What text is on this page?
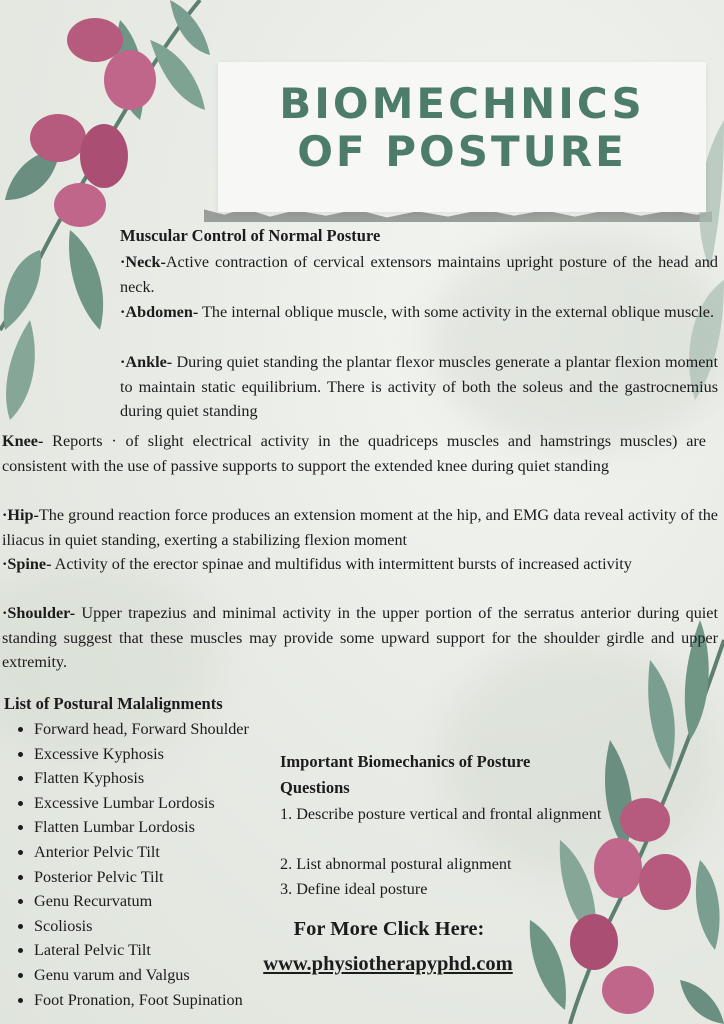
BIOMECHNICS
OF POSTURE
Muscular Control of Normal Posture
·Neck-Active contraction of cervical extensors maintains upright posture of the head and neck.
·Abdomen- The internal oblique muscle, with some activity in the external oblique muscle.
·Ankle- During quiet standing the plantar flexor muscles generate a plantar flexion moment to maintain static equilibrium. There is activity of both the soleus and the gastrocnemius during quiet standing
Knee- Reports · of slight electrical activity in the quadriceps muscles and hamstrings muscles) are consistent with the use of passive supports to support the extended knee during quiet standing
·Hip-The ground reaction force produces an extension moment at the hip, and EMG data reveal activity of the iliacus in quiet standing, exerting a stabilizing flexion moment
·Spine- Activity of the erector spinae and multifidus with intermittent bursts of increased activity
·Shoulder- Upper trapezius and minimal activity in the upper portion of the serratus anterior during quiet standing suggest that these muscles may provide some upward support for the shoulder girdle and upper extremity.
List of Postural Malalignments
• Forward head, Forward Shoulder
• Excessive Kyphosis
• Flatten Kyphosis
• Excessive Lumbar Lordosis
• Flatten Lumbar Lordosis
• Anterior Pelvic Tilt
• Posterior Pelvic Tilt
• Genu Recurvatum
• Scoliosis
• Lateral Pelvic Tilt
• Genu varum and Valgus
• Foot Pronation, Foot Supination
Important Biomechanics of Posture
Questions
1. Describe posture vertical and frontal alignment
2. List abnormal postural alignment
3. Define ideal posture
For More Click Here:
www.physiotherapyphd.com
